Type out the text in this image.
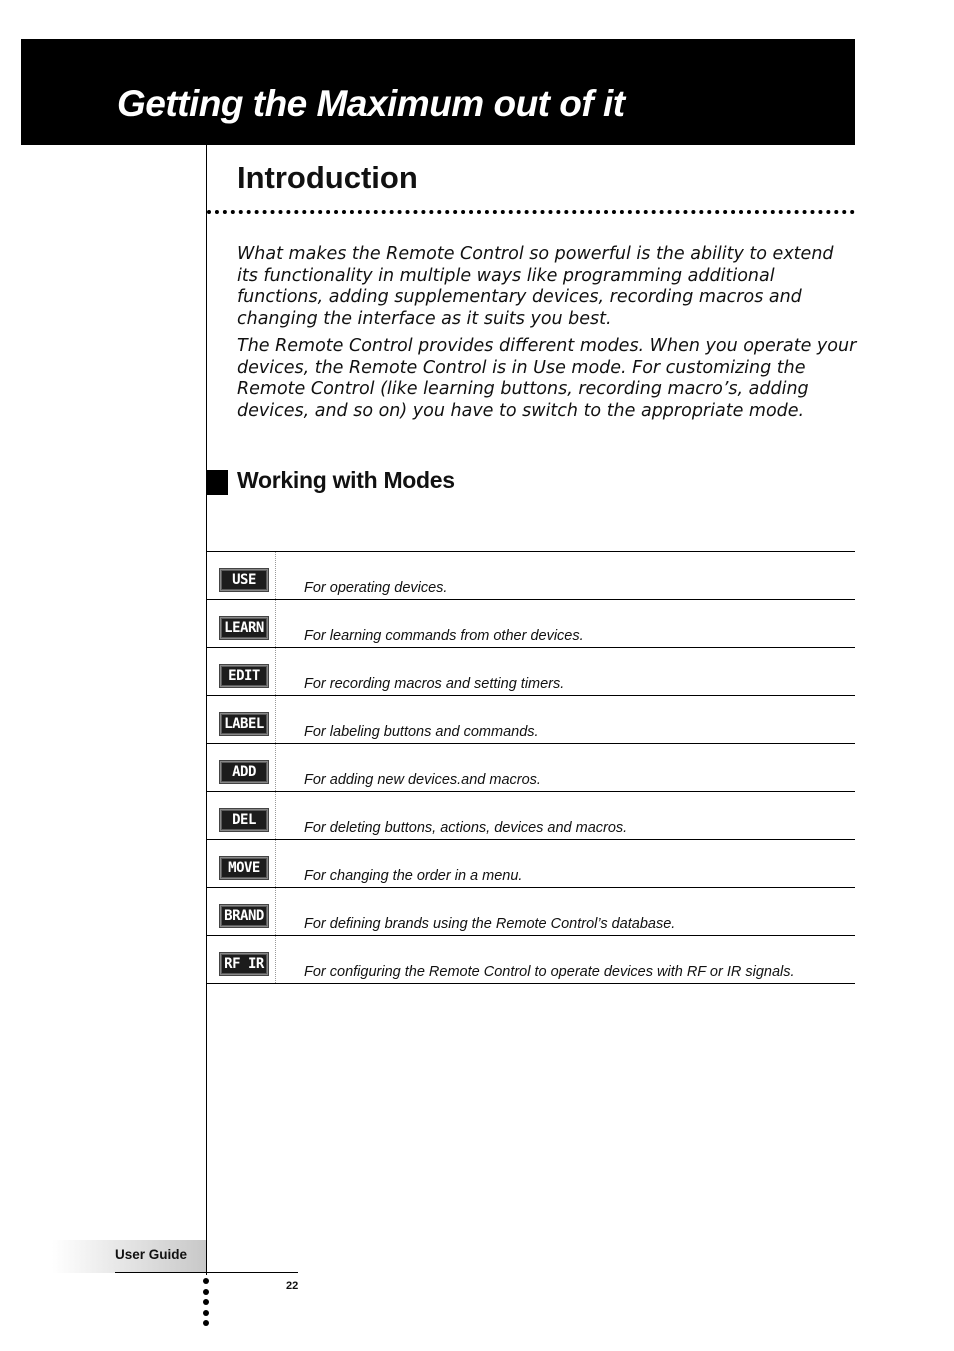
Getting the Maximum out of it
Introduction

What makes the Remote Control so powerful is the ability to extend its functionality in multiple ways like programming additional functions, adding supplementary devices, recording macros and changing the interface as it suits you best.

The Remote Control provides different modes. When you operate your devices, the Remote Control is in Use mode. For customizing the Remote Control (like learning buttons, recording macro’s, adding devices, and so on) you have to switch to the appropriate mode.

Working with Modes
USE	For operating devices.
LEARN	For learning commands from other devices.
EDIT	For recording macros and setting timers.
LABEL	For labeling buttons and commands.
ADD	For adding new devices.and macros.
DEL	For deleting buttons, actions, devices and macros.
MOVE	For changing the order in a menu.
BRAND	For defining brands using the Remote Control’s database.
RF IR	For configuring the Remote Control to operate devices with RF or IR signals.
User Guide
22
